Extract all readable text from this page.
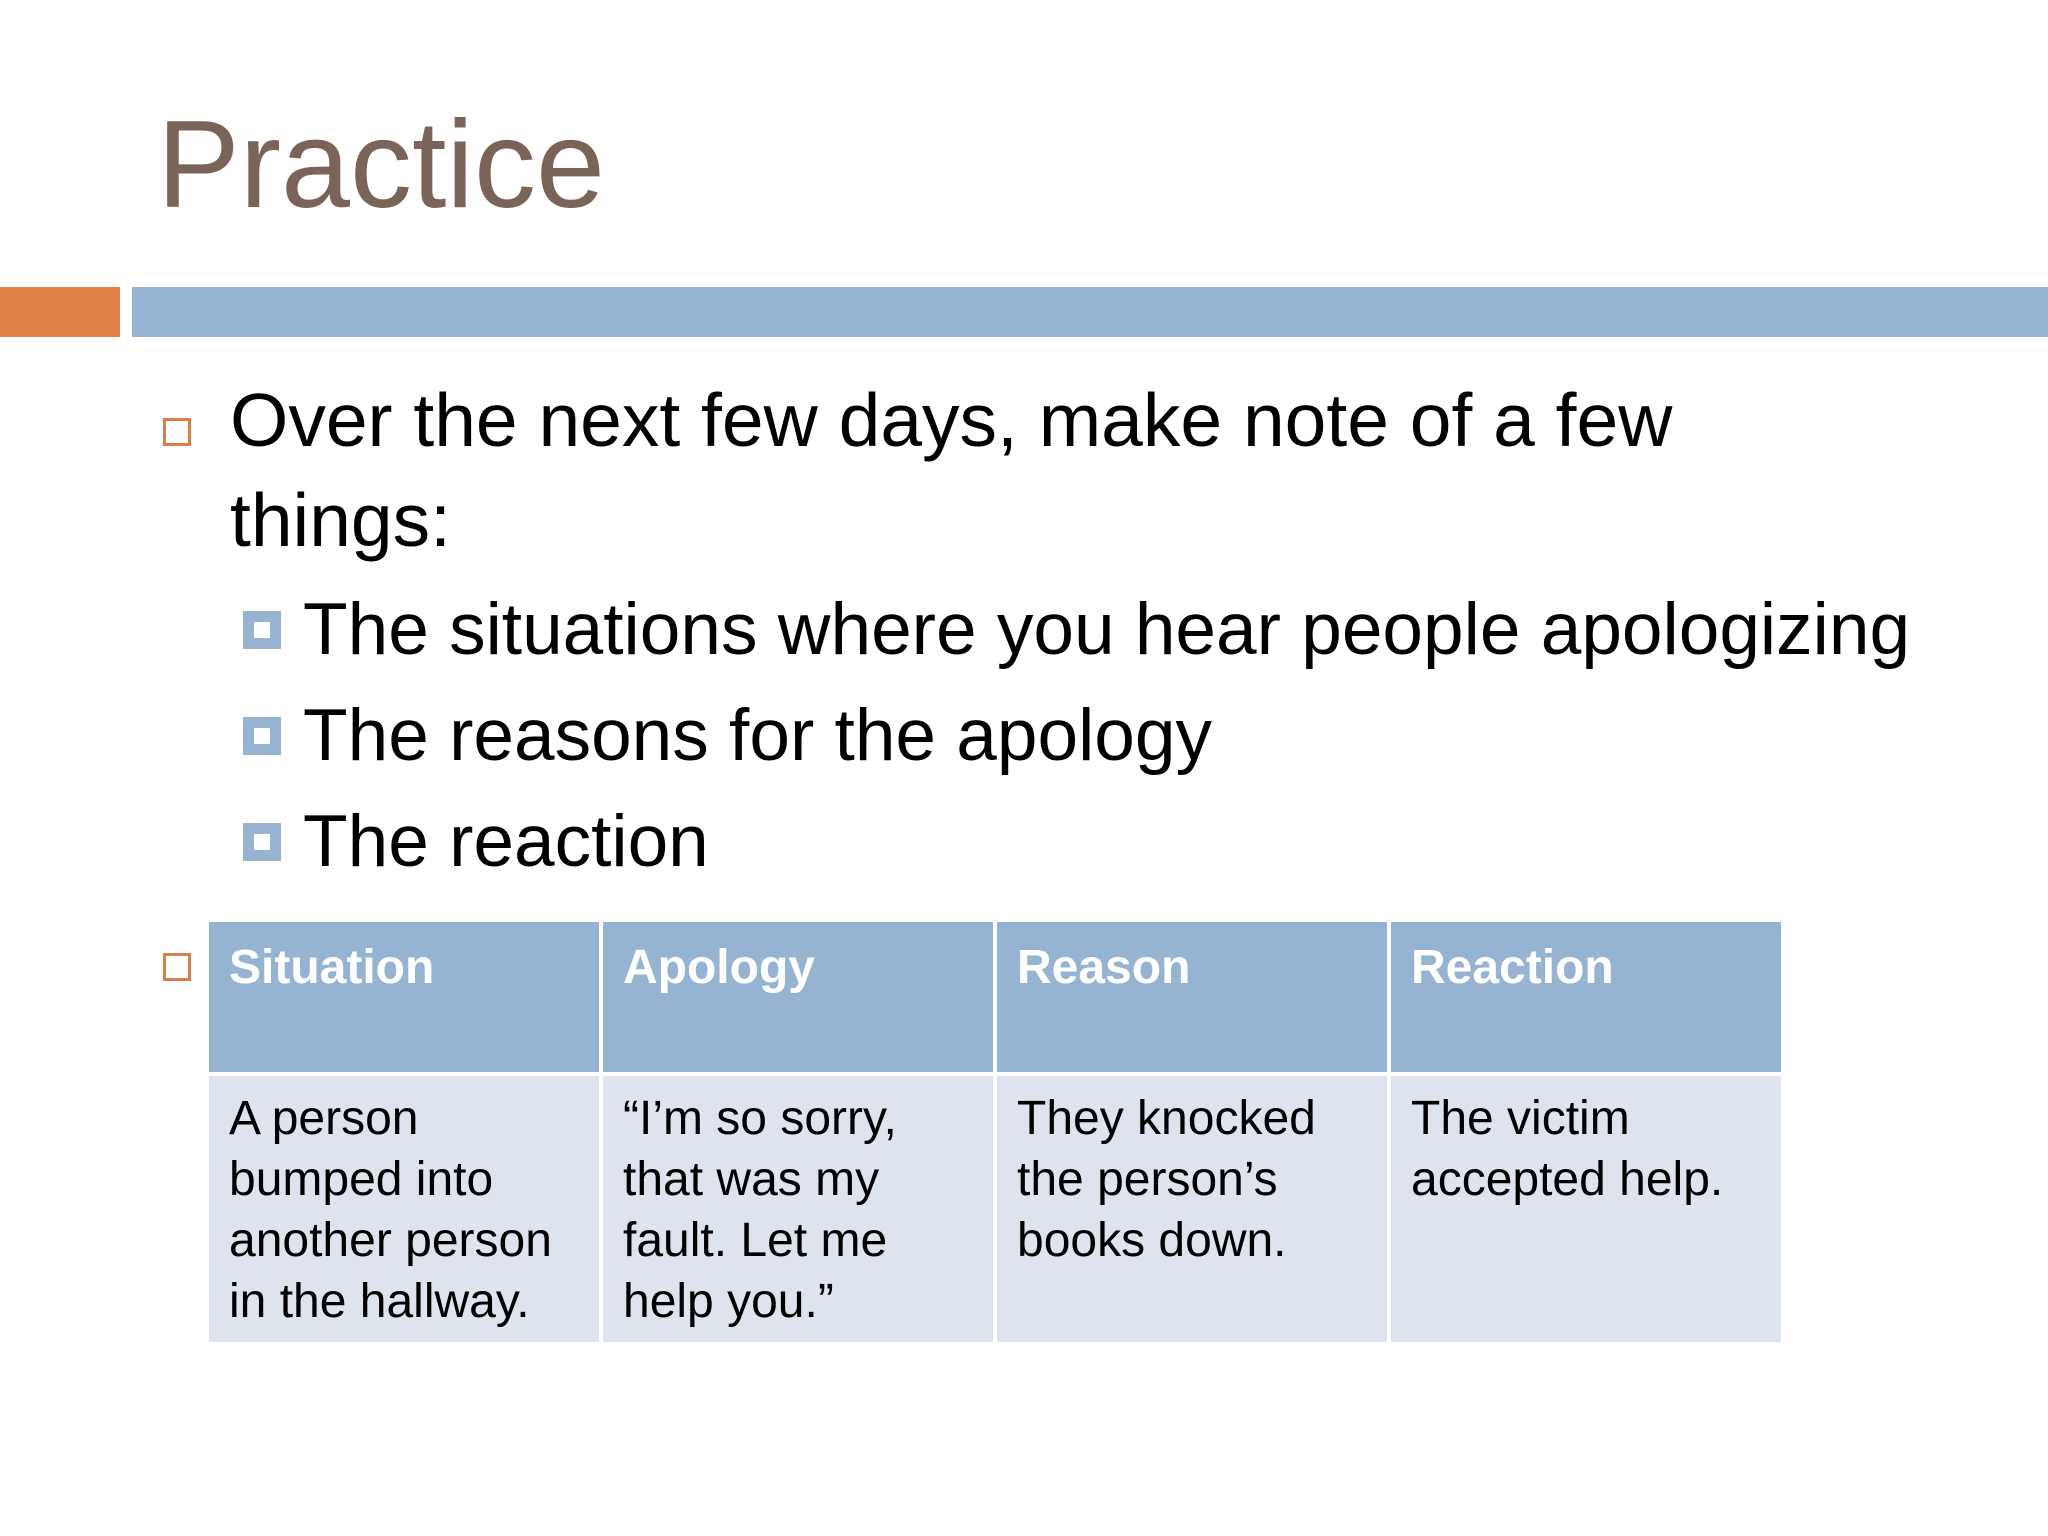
Practice
Over the next few days, make note of a few things:
The situations where you hear people apologizing
The reasons for the apology
The reaction
Situation	Apology	Reason	Reaction
A person bumped into another person in the hallway.	“I’m so sorry, that was my fault. Let me help you.”	They knocked the person’s books down.	The victim accepted help.
